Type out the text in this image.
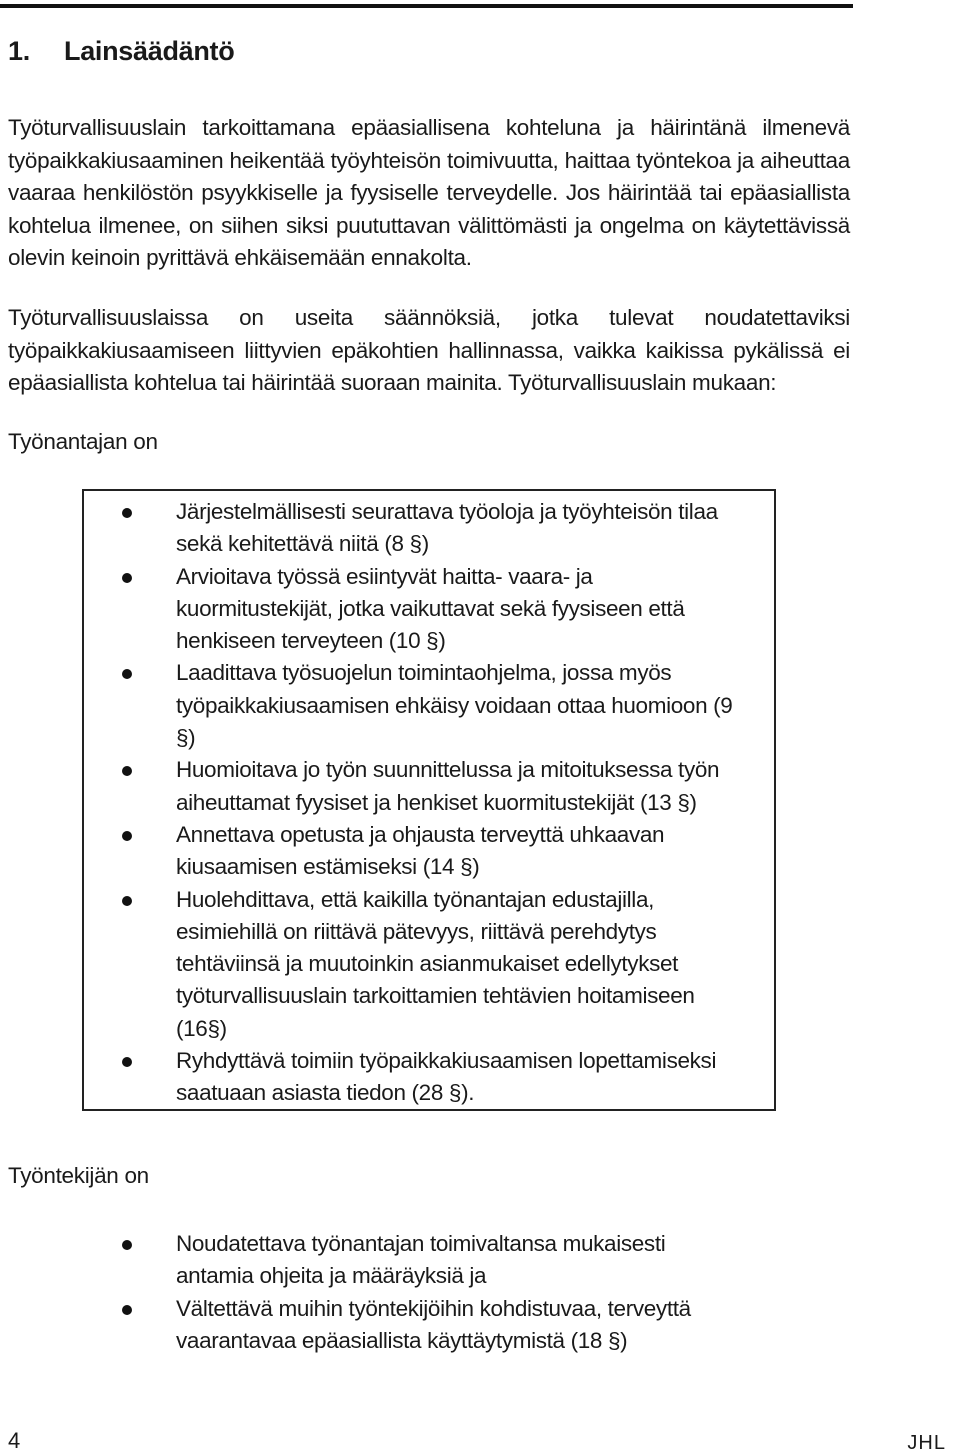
1. Lainsäädäntö

Työturvallisuuslain tarkoittamana epäasiallisena kohteluna ja häirintänä ilmenevä työpaikkakiusaaminen heikentää työyhteisön toimivuutta, haittaa työntekoa ja aiheuttaa vaaraa henkilöstön psyykkiselle ja fyysiselle terveydelle. Jos häirintää tai epäasiallista kohtelua ilmenee, on siihen siksi puututtavan välittömästi ja ongelma on käytettävissä olevin keinoin pyrittävä ehkäisemään ennakolta.

Työturvallisuuslaissa on useita säännöksiä, jotka tulevat noudatettaviksi työpaikkakiusaamiseen liittyvien epäkohtien hallinnassa, vaikka kaikissa pykälissä ei epäasiallista kohtelua tai häirintää suoraan mainita. Työturvallisuuslain mukaan:

Työnantajan on
Järjestelmällisesti seurattava työoloja ja työyhteisön tilaa sekä kehitettävä niitä (8 §)
Arvioitava työssä esiintyvät haitta- vaara- ja kuormitustekijät, jotka vaikuttavat sekä fyysiseen että henkiseen terveyteen (10 §)
Laadittava työsuojelun toimintaohjelma, jossa myös työpaikkakiusaamisen ehkäisy voidaan ottaa huomioon (9 §)
Huomioitava jo työn suunnittelussa ja mitoituksessa työn aiheuttamat fyysiset ja henkiset kuormitustekijät (13 §)
Annettava opetusta ja ohjausta terveyttä uhkaavan kiusaamisen estämiseksi (14 §)
Huolehdittava, että kaikilla työnantajan edustajilla, esimiehillä on riittävä pätevyys, riittävä perehdytys tehtäviinsä ja muutoinkin asianmukaiset edellytykset työturvallisuuslain tarkoittamien tehtävien hoitamiseen (16§)
Ryhdyttävä toimiin työpaikkakiusaamisen lopettamiseksi saatuaan asiasta tiedon (28 §).
Työntekijän on
Noudatettava työnantajan toimivaltansa mukaisesti antamia ohjeita ja määräyksiä ja
Vältettävä muihin työntekijöihin kohdistuvaa, terveyttä vaarantavaa epäasiallista käyttäytymistä (18 §)
4	JHL
